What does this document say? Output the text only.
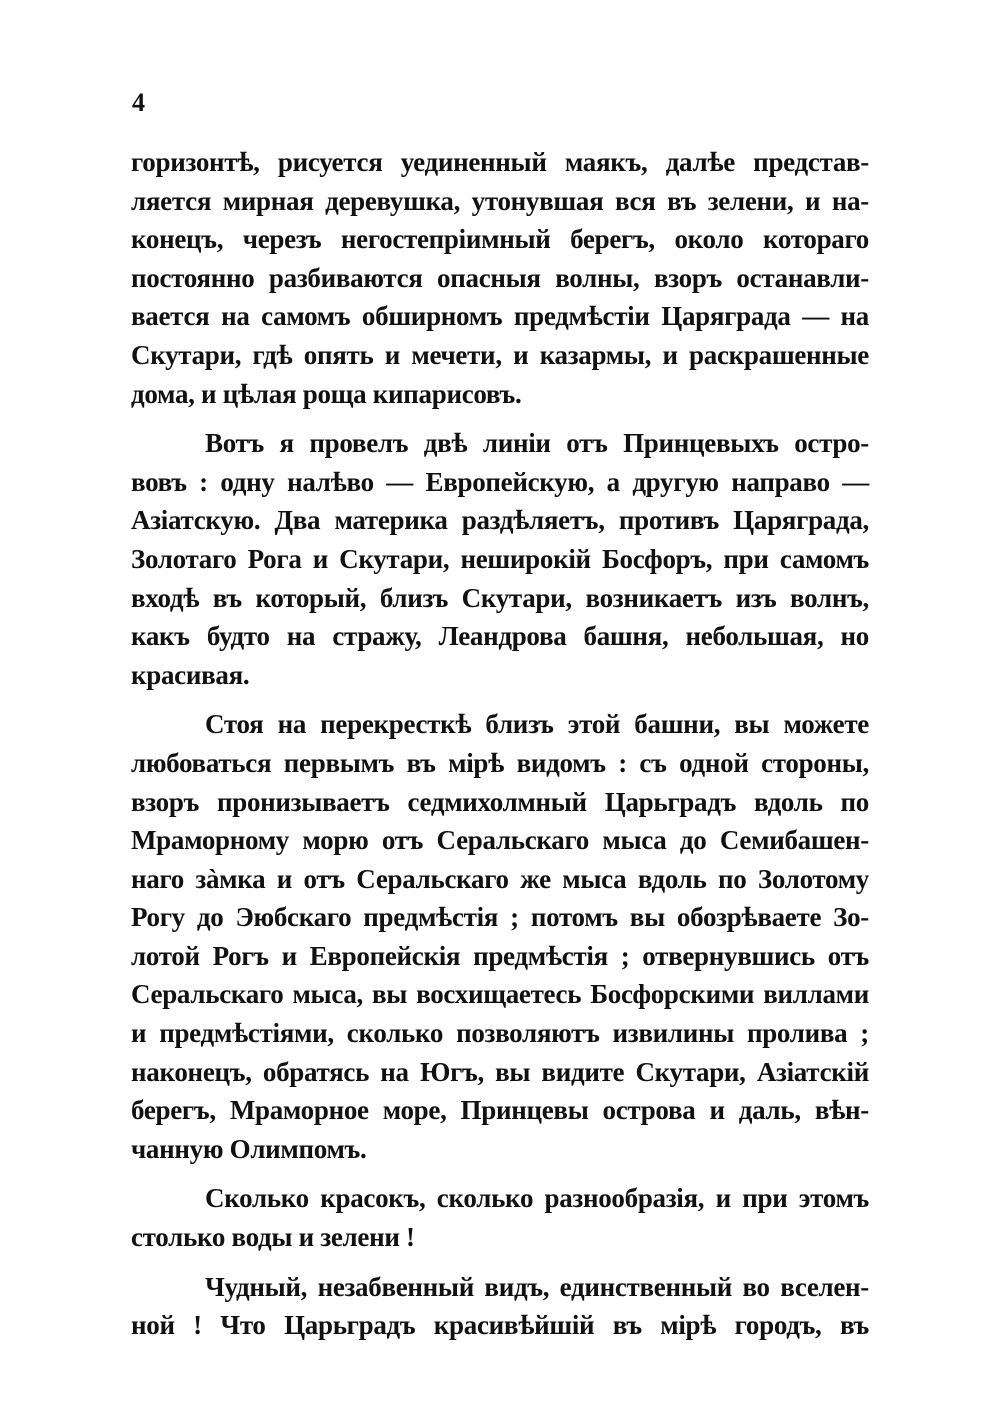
4
горизонтѣ, рисуется уединенный маякъ, далѣе представ-
ляется мирная деревушка, утонувшая вся въ зелени, и на-
конецъ, черезъ негостепріимный берегъ, около котораго
постоянно разбиваются опасныя волны, взоръ останавли-
вается на самомъ обширномъ предмѣстіи Царяграда — на
Скутари, гдѣ опять и мечети, и казармы, и раскрашенные
дома, и цѣлая роща кипарисовъ.
Вотъ я провелъ двѣ линіи отъ Принцевыхъ остро-
вовъ : одну налѣво — Европейскую, а другую направо —
Азіатскую. Два материка раздѣляетъ, противъ Царяграда,
Золотаго Рога и Скутари, неширокій Босфоръ, при самомъ
входѣ въ который, близъ Скутари, возникаетъ изъ волнъ,
какъ будто на стражу, Леандрова башня, небольшая, но
красивая.
Стоя на перекресткѣ близъ этой башни, вы можете
любоваться первымъ въ мірѣ видомъ : съ одной стороны,
взоръ пронизываетъ седмихолмный Царьградъ вдоль по
Мраморному морю отъ Серальскаго мыса до Семибашен-
наго зàмка и отъ Серальскаго же мыса вдоль по Золотому
Рогу до Эюбскаго предмѣстія ; потомъ вы обозрѣваете Зо-
лотой Рогъ и Европейскія предмѣстія ; отвернувшись отъ
Серальскаго мыса, вы восхищаетесь Босфорскими виллами
и предмѣстіями, сколько позволяютъ извилины пролива ;
наконецъ, обратясь на Югъ, вы видите Скутари, Азіатскій
берегъ, Мраморное море, Принцевы острова и даль, вѣн-
чанную Олимпомъ.
Сколько красокъ, сколько разнообразія, и при этомъ
столько воды и зелени !
Чудный, незабвенный видъ, единственный во вселен-
ной ! Что Царьградъ красивѣйшій въ мірѣ городъ, въ
